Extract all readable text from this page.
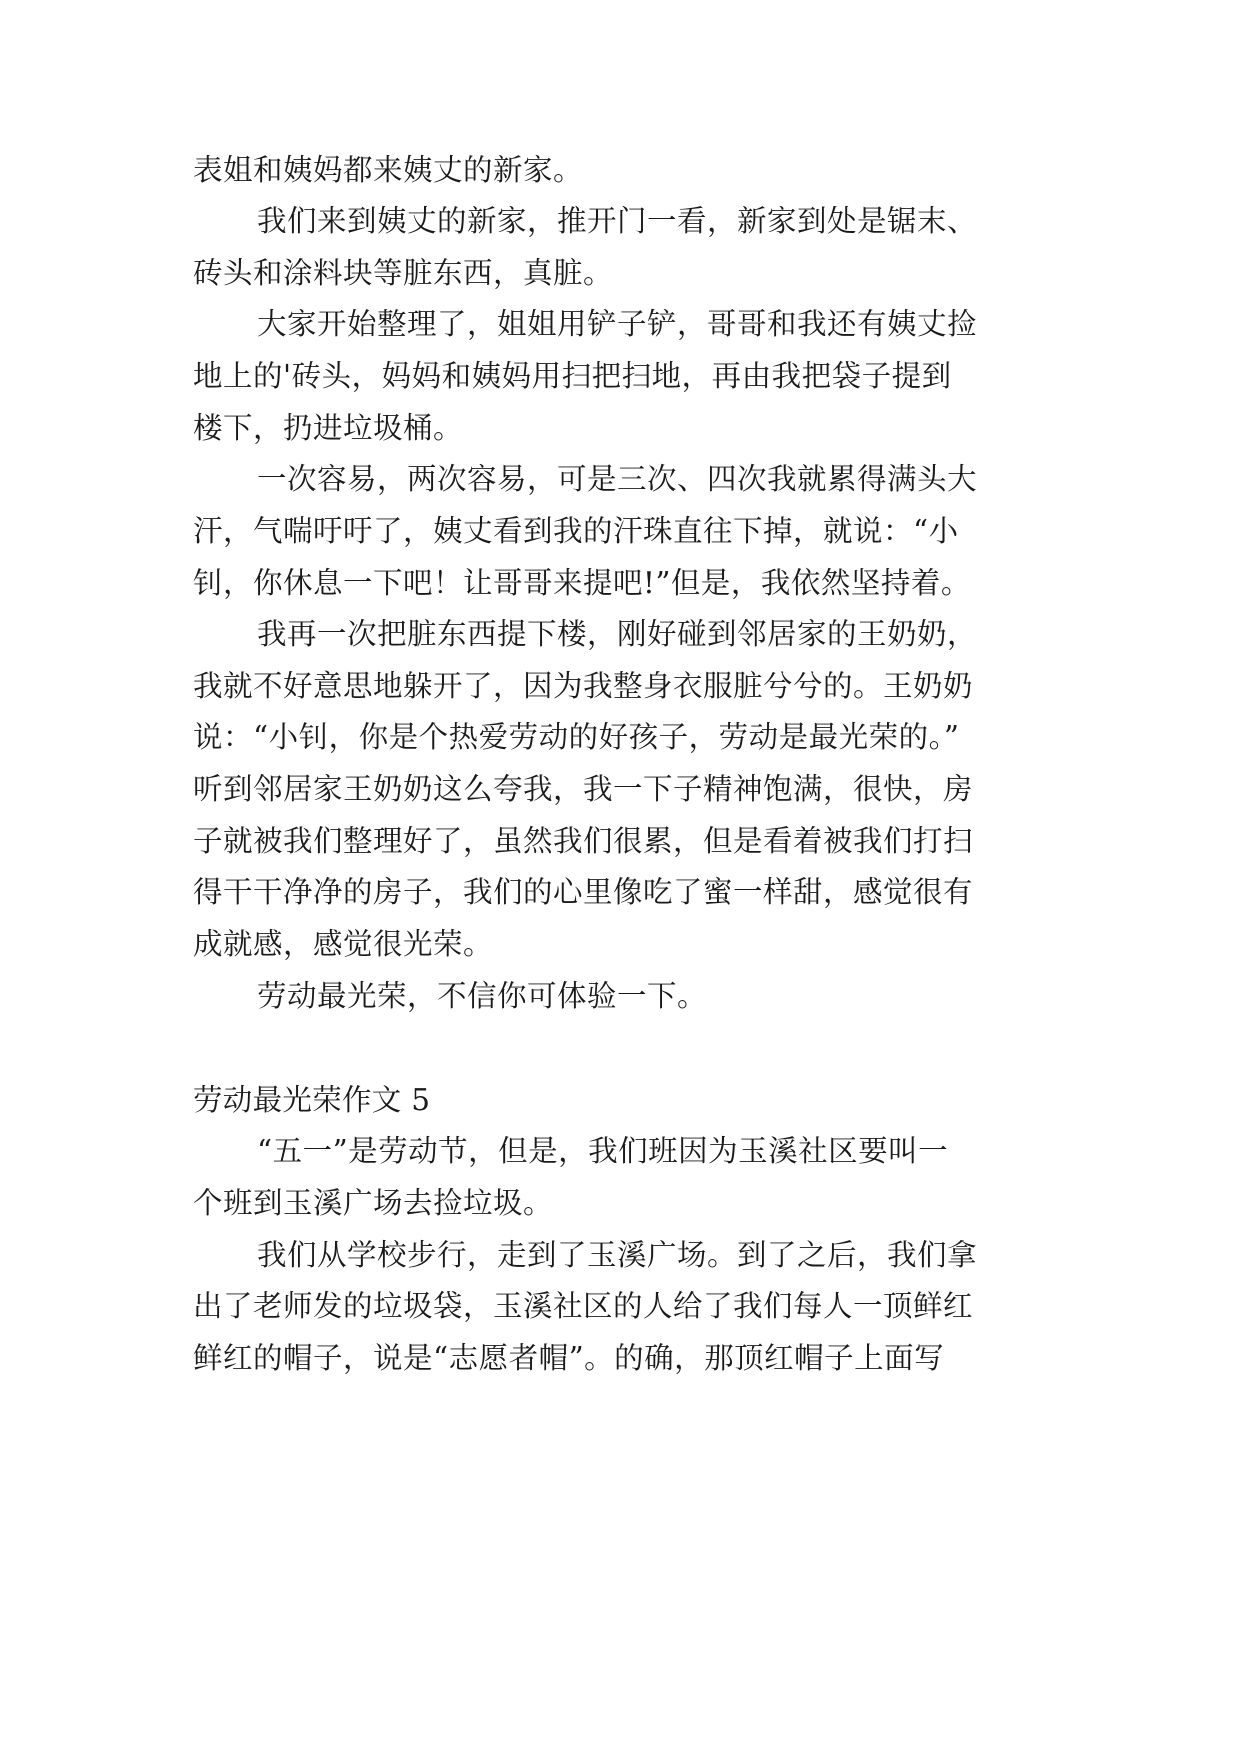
表姐和姨妈都来姨丈的新家。
我们来到姨丈的新家，推开门一看，新家到处是锯末、
砖头和涂料块等脏东西，真脏。
大家开始整理了，姐姐用铲子铲，哥哥和我还有姨丈捡
地上的'砖头，妈妈和姨妈用扫把扫地，再由我把袋子提到
楼下，扔进垃圾桶。
一次容易，两次容易，可是三次、四次我就累得满头大
汗，气喘吁吁了，姨丈看到我的汗珠直往下掉，就说：“小
钊，你休息一下吧！让哥哥来提吧!”但是，我依然坚持着。
我再一次把脏东西提下楼，刚好碰到邻居家的王奶奶，
我就不好意思地躲开了，因为我整身衣服脏兮兮的。王奶奶
说：“小钊，你是个热爱劳动的好孩子，劳动是最光荣的。”
听到邻居家王奶奶这么夸我，我一下子精神饱满，很快，房
子就被我们整理好了，虽然我们很累，但是看着被我们打扫
得干干净净的房子，我们的心里像吃了蜜一样甜，感觉很有
成就感，感觉很光荣。
劳动最光荣，不信你可体验一下。
劳动最光荣作文 5
“五一”是劳动节，但是，我们班因为玉溪社区要叫一
个班到玉溪广场去捡垃圾。
我们从学校步行，走到了玉溪广场。到了之后，我们拿
出了老师发的垃圾袋，玉溪社区的人给了我们每人一顶鲜红
鲜红的帽子，说是“志愿者帽”。的确，那顶红帽子上面写
